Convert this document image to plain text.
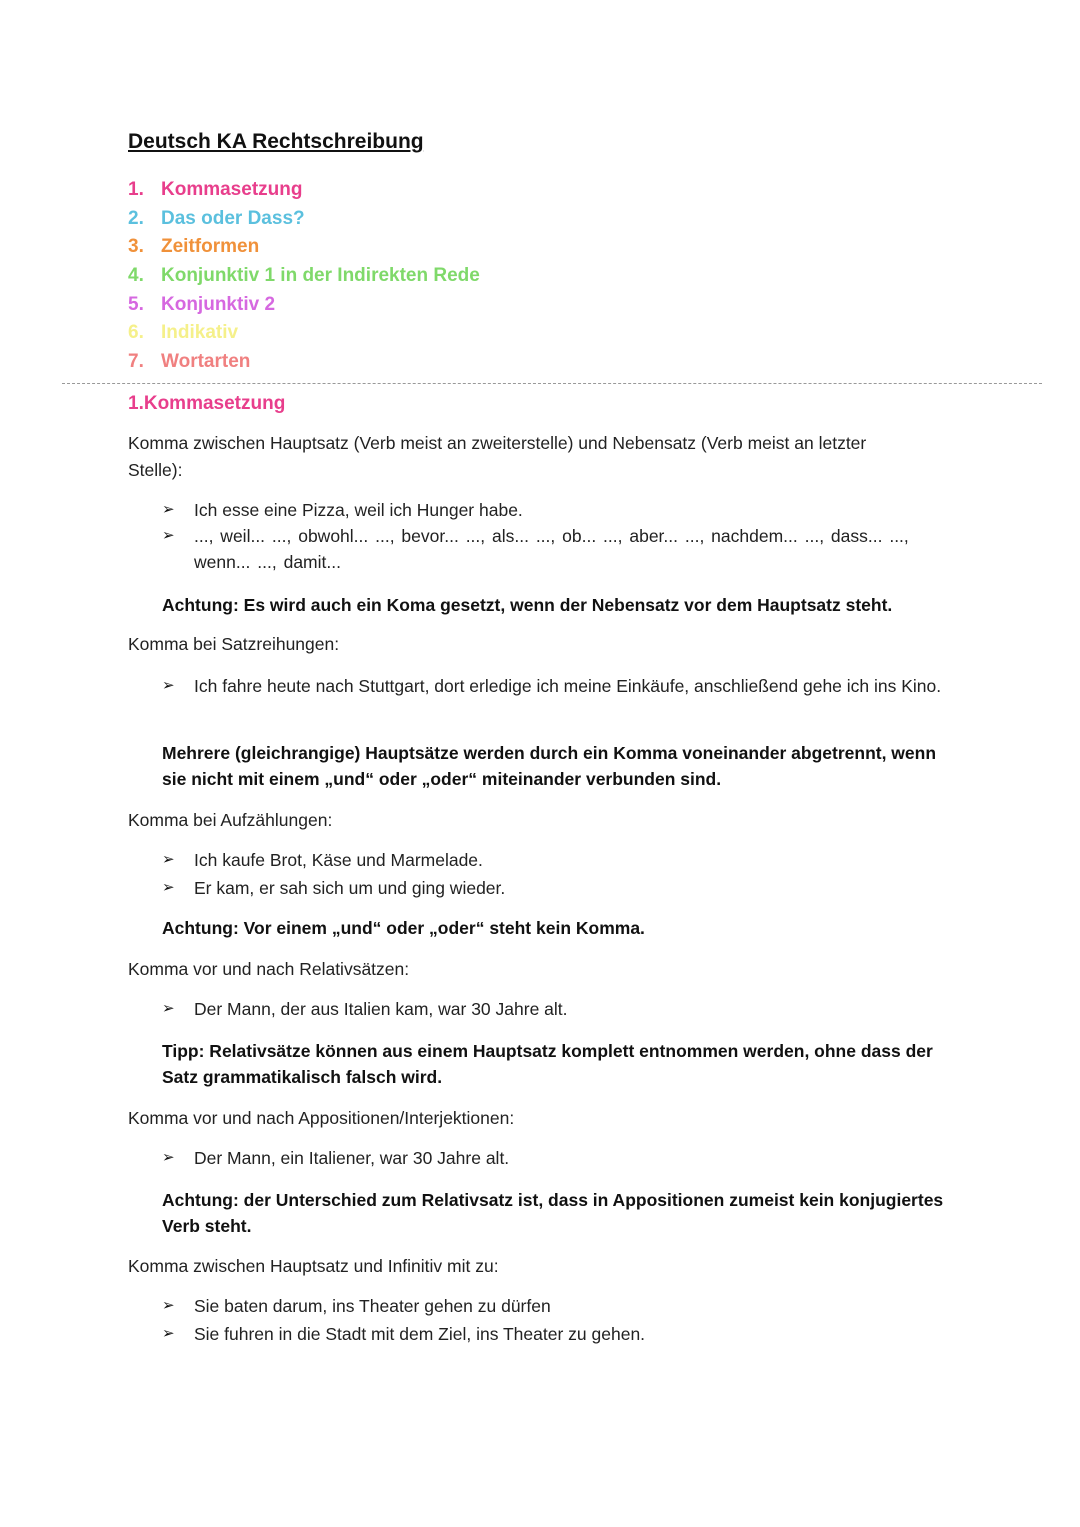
Deutsch KA Rechtschreibung
1. Kommasetzung
2. Das oder Dass?
3. Zeitformen
4. Konjunktiv 1 in der Indirekten Rede
5. Konjunktiv 2
6. Indikativ
7. Wortarten
1.Kommasetzung
Komma zwischen Hauptsatz (Verb meist an zweiterstelle) und Nebensatz (Verb meist an letzter Stelle):
➢ Ich esse eine Pizza, weil ich Hunger habe.
➢ ..., weil... ..., obwohl... ..., bevor... ..., als... ..., ob... ..., aber... ..., nachdem... ..., dass... ..., wenn... ..., damit...
Achtung: Es wird auch ein Koma gesetzt, wenn der Nebensatz vor dem Hauptsatz steht.
Komma bei Satzreihungen:
➢ Ich fahre heute nach Stuttgart, dort erledige ich meine Einkäufe, anschließend gehe ich ins Kino.
Mehrere (gleichrangige) Hauptsätze werden durch ein Komma voneinander abgetrennt, wenn sie nicht mit einem „und“ oder „oder“ miteinander verbunden sind.
Komma bei Aufzählungen:
➢ Ich kaufe Brot, Käse und Marmelade.
➢ Er kam, er sah sich um und ging wieder.
Achtung: Vor einem „und“ oder „oder“ steht kein Komma.
Komma vor und nach Relativsätzen:
➢ Der Mann, der aus Italien kam, war 30 Jahre alt.
Tipp: Relativsätze können aus einem Hauptsatz komplett entnommen werden, ohne dass der Satz grammatikalisch falsch wird.
Komma vor und nach Appositionen/Interjektionen:
➢ Der Mann, ein Italiener, war 30 Jahre alt.
Achtung: der Unterschied zum Relativsatz ist, dass in Appositionen zumeist kein konjugiertes Verb steht.
Komma zwischen Hauptsatz und Infinitiv mit zu:
➢ Sie baten darum, ins Theater gehen zu dürfen
➢ Sie fuhren in die Stadt mit dem Ziel, ins Theater zu gehen.
